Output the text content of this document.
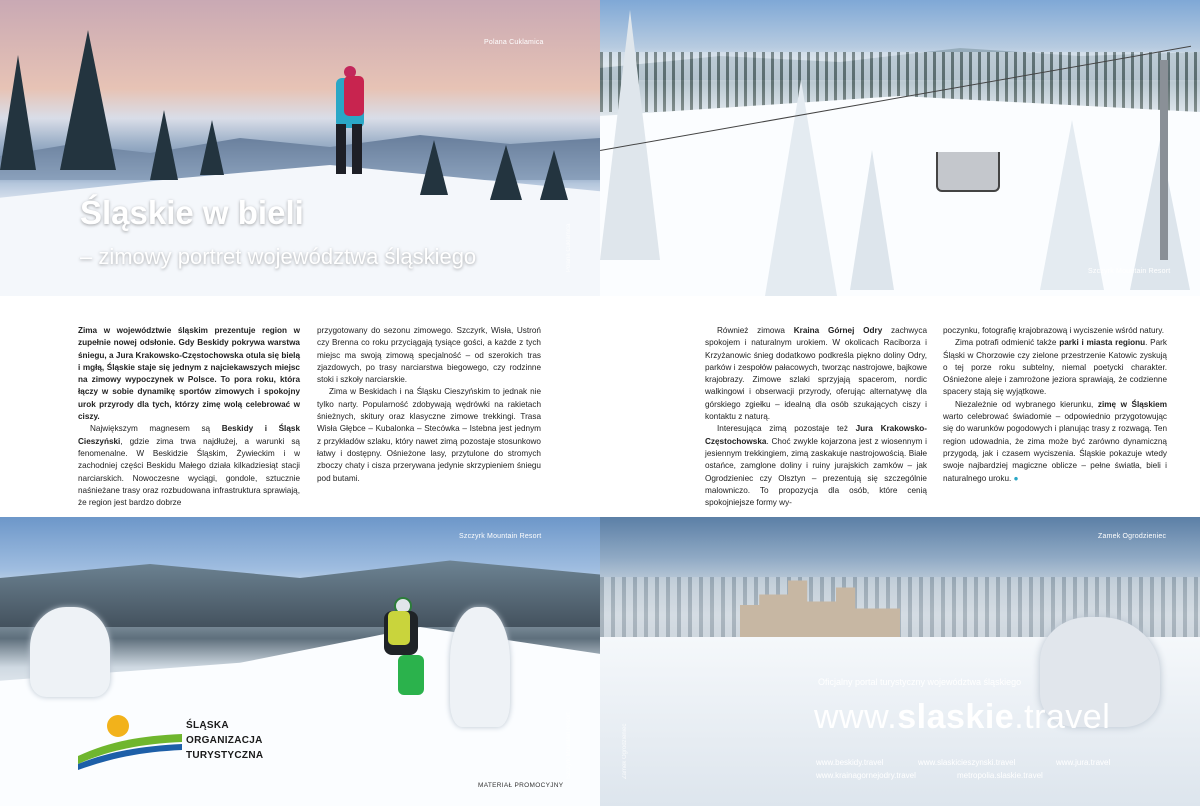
Polana Cuklamica
Polana Cuklamica
Śląskie w bieli
– zimowy portret województwa śląskiego
Szczyrk Mountain Resort

Zima w województwie śląskim prezentuje region w zupełnie nowej odsłonie. Gdy Beskidy pokrywa warstwa śniegu, a Jura Krakowsko-Częstochowska otula się bielą i mgłą, Śląskie staje się jednym z najciekawszych miejsc na zimowy wypoczynek w Polsce. To pora roku, która łączy w sobie dynamikę sportów zimowych i spokojny urok przyrody dla tych, którzy zimę wolą celebrować w ciszy.

Największym magnesem są Beskidy i Śląsk Cieszyński, gdzie zima trwa najdłużej, a warunki są fenomenalne. W Beskidzie Śląskim, Żywieckim i w zachodniej części Beskidu Małego działa kilkadziesiąt stacji narciarskich. Nowoczesne wyciągi, gondole, sztucznie naśnieżane trasy oraz rozbudowana infrastruktura sprawiają, że region jest bardzo dobrze

przygotowany do sezonu zimowego. Szczyrk, Wisła, Ustroń czy Brenna co roku przyciągają tysiące gości, a każde z tych miejsc ma swoją zimową specjalność – od szerokich tras zjazdowych, po trasy narciarstwa biegowego, czy rodzinne stoki i szkoły narciarskie.

Zima w Beskidach i na Śląsku Cieszyńskim to jednak nie tylko narty. Popularność zdobywają wędrówki na rakietach śnieżnych, skitury oraz klasyczne zimowe trekkingi. Trasa Wisła Głębce – Kubalonka – Stecówka – Istebna jest jednym z przykładów szlaku, który nawet zimą pozostaje stosunkowo łatwy i dostępny. Ośnieżone lasy, przytulone do stromych zboczy chaty i cisza przerywana jedynie skrzypieniem śniegu pod butami.

Również zimowa Kraina Górnej Odry zachwyca spokojem i naturalnym urokiem. W okolicach Raciborza i Krzyżanowic śnieg dodatkowo podkreśla piękno doliny Odry, parków i zespołów pałacowych, tworząc nastrojowe, bajkowe krajobrazy. Zimowe szlaki sprzyjają spacerom, nordic walkingowi i obserwacji przyrody, oferując alternatywę dla górskiego zgiełku – idealną dla osób szukających ciszy i kontaktu z naturą.

Interesująca zimą pozostaje też Jura Krakowsko-Częstochowska. Choć zwykle kojarzona jest z wiosennym i jesiennym trekkingiem, zimą zaskakuje nastrojowością. Białe ostańce, zamglone doliny i ruiny jurajskich zamków – jak Ogrodzieniec czy Olsztyn – prezentują się szczególnie malowniczo. To propozycja dla osób, które cenią spokojniejsze formy wy-

poczynku, fotografię krajobrazową i wyciszenie wśród natury.

Zima potrafi odmienić także parki i miasta regionu. Park Śląski w Chorzowie czy zielone przestrzenie Katowic zyskują o tej porze roku subtelny, niemal poetycki charakter. Ośnieżone aleje i zamrożone jeziora sprawiają, że codzienne spacery stają się wyjątkowe.

Niezależnie od wybranego kierunku, zimę w Śląskiem warto celebrować świadomie – odpowiednio przygotowując się do warunków pogodowych i planując trasy z rozwagą. Ten region udowadnia, że zima może być zarówno dynamiczną przygodą, jak i czasem wyciszenia. Śląskie pokazuje wtedy swoje najbardziej magiczne oblicze – pełne światła, bieli i naturalnego uroku. ●

Szczyrk Mountain Resort
Szczyrk Mountain Resort
ŚLĄSKA
ORGANIZACJA
TURYSTYCZNA
MATERIAŁ PROMOCYJNY
Zamek Ogrodzieniec
Zamek Ogrodzieniec
Oficjalny portal turystyczny województwa śląskiego
www.slaskie.travel
www.beskidy.travel	www.slaskicieszynski.travel	www.jura.travel
www.krainagornejodry.travel	metropolia.slaskie.travel
